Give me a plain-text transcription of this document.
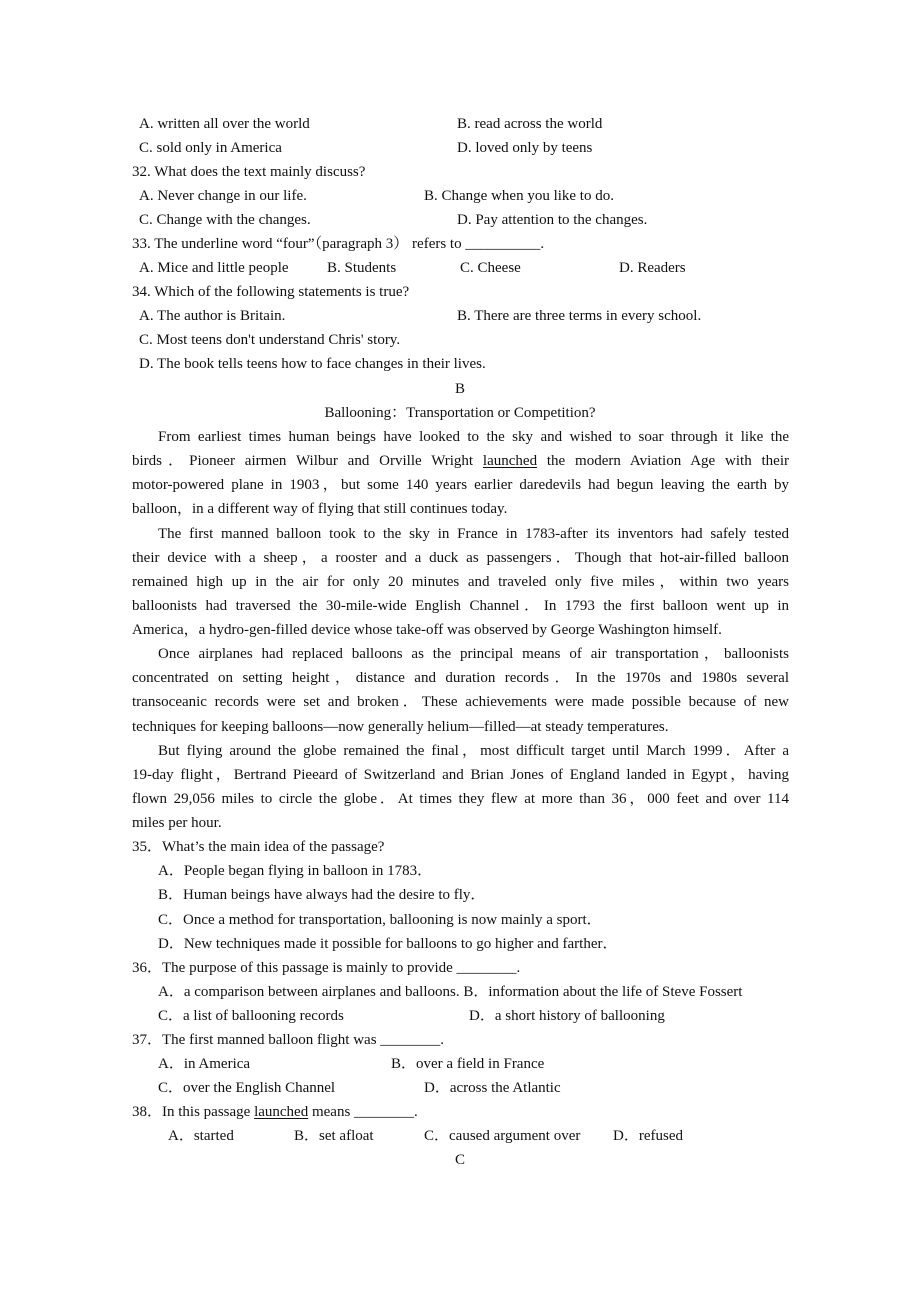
A. written all over the world	B. read across the world
C. sold only in America	D. loved only by teens
32. What does the text mainly discuss?
A. Never change in our life.	B. Change when you like to do.
C. Change with the changes.	D. Pay attention to the changes.
33. The underline word “four”（paragraph 3） refers to __________.
A. Mice and little people	B. Students	C. Cheese	D. Readers
34. Which of the following statements is true?
A. The author is Britain.	B. There are three terms in every school.
C. Most teens don't understand Chris' story.
D. The book tells teens how to face changes in their lives.
B
Ballooning：Transportation or Competition?
From earliest times human beings have looked to the sky and wished to soar through it like the
birds．Pioneer airmen Wilbur and Orville Wright launched the modern Aviation Age with their
motor-powered plane in 1903，but some 140 years earlier daredevils had begun leaving the earth by
balloon，in a different way of flying that still continues today.
The first manned balloon took to the sky in France in 1783-after its inventors had safely tested
their device with a sheep，a rooster and a duck as passengers．Though that hot-air-filled balloon
remained high up in the air for only 20 minutes and traveled only five miles，within two years
balloonists had traversed the 30-mile-wide English Channel．In 1793 the first balloon went up in
America，a hydro-gen-filled device whose take-off was observed by George Washington himself.
Once airplanes had replaced balloons as the principal means of air transportation，balloonists
concentrated on setting height，distance and duration records．In the 1970s and 1980s several
transoceanic records were set and broken．These achievements were made possible because of new
techniques for keeping balloons—now generally helium—filled—at steady temperatures.
But flying around the globe remained the final，most difficult target until March 1999．After a
19-day flight，Bertrand Pieeard of Switzerland and Brian Jones of England landed in Egypt，having
flown 29,056 miles to circle the globe．At times they flew at more than 36，000 feet and over 114
miles per hour.
35．What’s the main idea of the passage?
A．People began flying in balloon in 1783．
B．Human beings have always had the desire to fly．
C．Once a method for transportation, ballooning is now mainly a sport．
D．New techniques made it possible for balloons to go higher and farther．
36．The purpose of this passage is mainly to provide ________.
A．a comparison between airplanes and balloons. B．information about the life of Steve Fossert
C．a list of ballooning records	D．a short history of ballooning
37．The first manned balloon flight was ________.
A．in America	B．over a field in France
C．over the English Channel	D．across the Atlantic
38．In this passage launched means ________.
A．started	B．set afloat	C．caused argument over D．refused
C
